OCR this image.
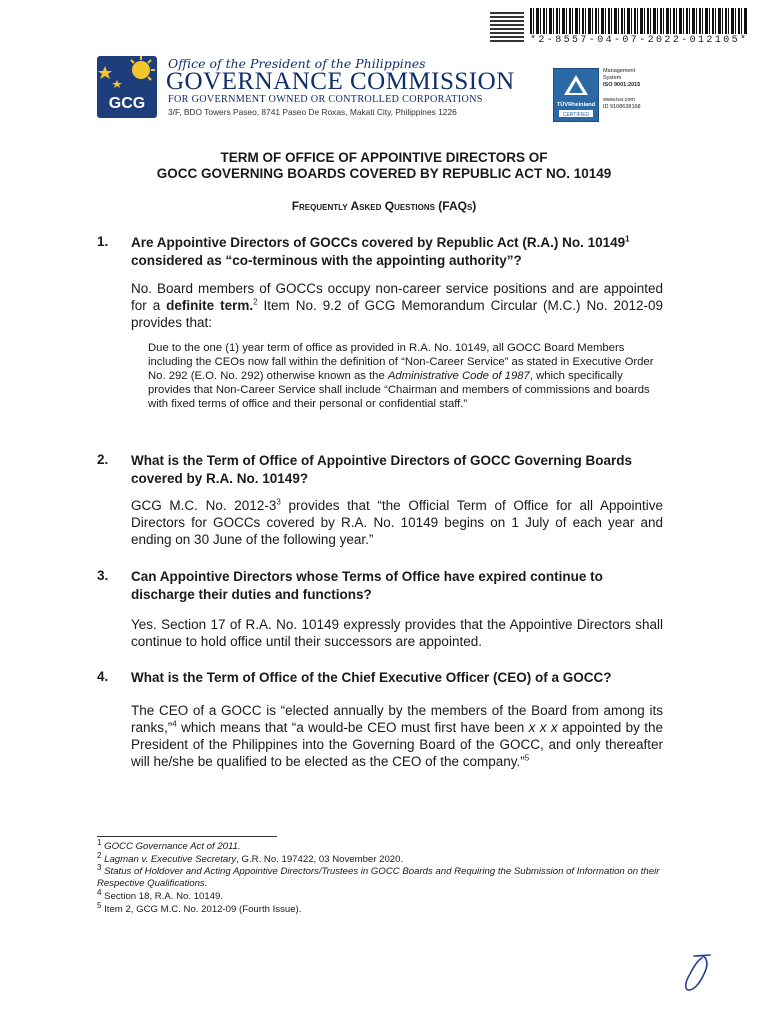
*2-8557-04-07-2022-012105*
GCG
Office of the President of the Philippines
GOVERNANCE COMMISSION
FOR GOVERNMENT OWNED OR CONTROLLED CORPORATIONS
3/F, BDO Towers Paseo, 8741 Paseo De Roxas, Makati City, Philippines 1226
TÜVRheinland
CERTIFIED
Management
System
ISO 9001:2015
www.tuv.com
ID 9108638168
TERM OF OFFICE OF APPOINTIVE DIRECTORS OF
GOCC GOVERNING BOARDS COVERED BY REPUBLIC ACT NO. 10149
Frequently Asked Questions (FAQs)
1. Are Appointive Directors of GOCCs covered by Republic Act (R.A.) No. 10149$^1$ considered as “co-terminous with the appointing authority”?
No. Board members of GOCCs occupy non-career service positions and are appointed for a definite term.$^2$ Item No. 9.2 of GCG Memorandum Circular (M.C.) No. 2012-09 provides that:
Due to the one (1) year term of office as provided in R.A. No. 10149, all GOCC Board Members including the CEOs now fall within the definition of “Non-Career Service” as stated in Executive Order No. 292 (E.O. No. 292) otherwise known as the Administrative Code of 1987, which specifically provides that Non-Career Service shall include “Chairman and members of commissions and boards with fixed terms of office and their personal or confidential staff.”
2. What is the Term of Office of Appointive Directors of GOCC Governing Boards covered by R.A. No. 10149?
GCG M.C. No. $2012-3^3$ provides that “the Official Term of Office for all Appointive Directors for GOCCs covered by R.A. No. 10149 begins on 1 July of each year and ending on 30 June of the following year.”
3. Can Appointive Directors whose Terms of Office have expired continue to discharge their duties and functions?
Yes. Section 17 of R.A. No. 10149 expressly provides that the Appointive Directors shall continue to hold office until their successors are appointed.
4. What is the Term of Office of the Chief Executive Officer (CEO) of a GOCC?
The CEO of a GOCC is “elected annually by the members of the Board from among its ranks,”$^4$ which means that “a would-be CEO must first have been x x x appointed by the President of the Philippines into the Governing Board of the GOCC, and only thereafter will he/she be qualified to be elected as the CEO of the company.”$^5$
$^1$ GOCC Governance Act of 2011.
$^2$ Lagman v. Executive Secretary, G.R. No. 197422, 03 November 2020.
$^3$ Status of Holdover and Acting Appointive Directors/Trustees in GOCC Boards and Requiring the Submission of Information on their Respective Qualifications.
$^4$ Section 18, R.A. No. 10149.
$^5$ Item 2, GCG M.C. No. 2012-09 (Fourth Issue).
